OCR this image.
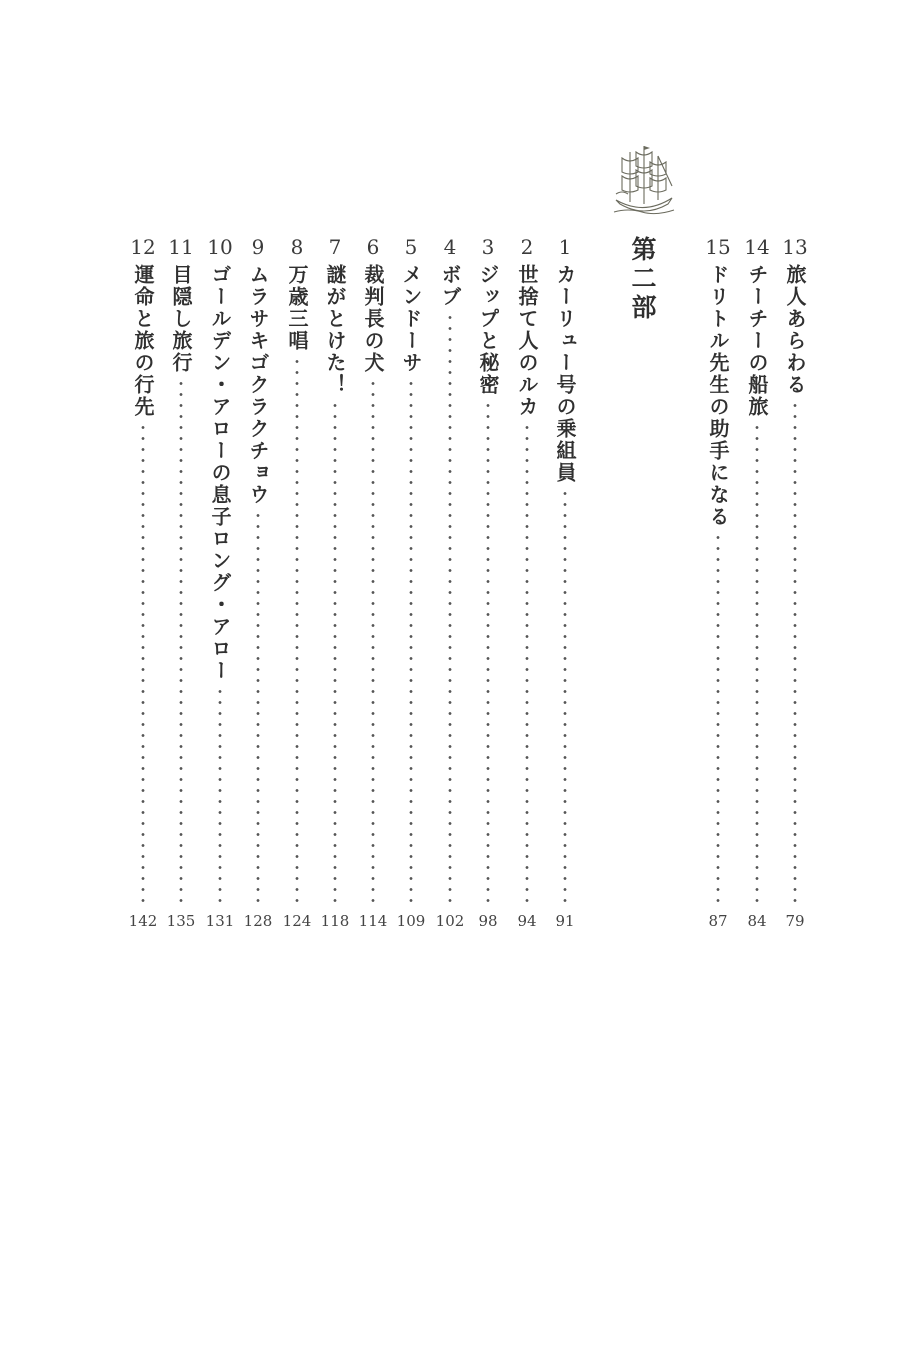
第二部	13
旅人あらわる
79
14
チーチーの船旅
84
15
ドリトル先生の助手になる
87
1
カーリュー号の乗組員
91
2
世捨て人のルカ
94
3
ジップと秘密
98
4
ボブ
102
5
メンドーサ
109
6
裁判長の犬
114
7
謎がとけた！
118
8
万歳三唱
124
9
ムラサキゴクラクチョウ
128
10
ゴールデン・アローの息子ロング・アロー
131
11
目隠し旅行
135
12
運命と旅の行先
142
